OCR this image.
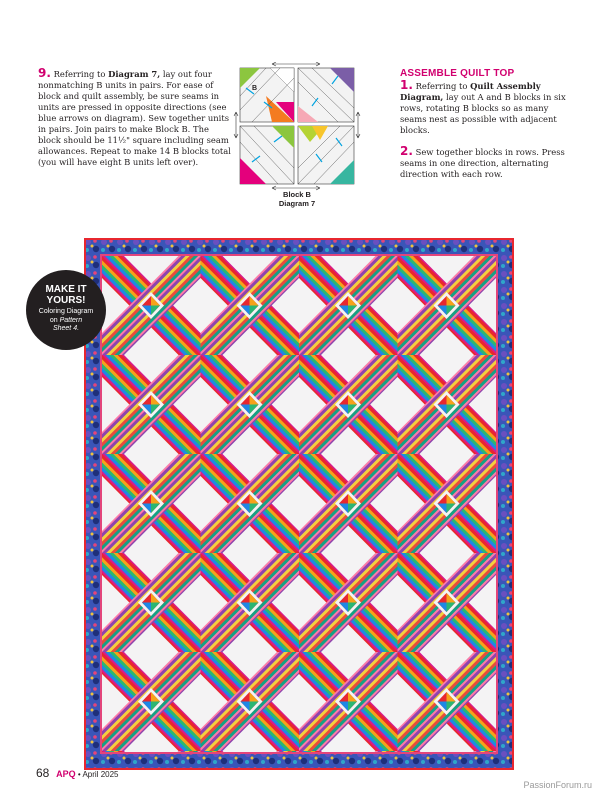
9. Referring to Diagram 7, lay out four nonmatching B units in pairs. For ease of block and quilt assembly, be sure seams in units are pressed in opposite directions (see blue arrows on diagram). Sew together units in pairs. Join pairs to make Block B. The block should be 11½" square including seam allowances. Repeat to make 14 B blocks total (you will have eight B units left over).
B
Block B
Diagram 7
ASSEMBLE QUILT TOP
1. Referring to Quilt Assembly Diagram, lay out A and B blocks in six rows, rotating B blocks so as many seams nest as possible with adjacent blocks.
2. Sew together blocks in rows. Press seams in one direction, alternating direction with each row.
MAKE IT
YOURS!
Coloring Diagram
on Pattern
Sheet 4.
68 APQ • April 2025
PassionForum.ru
